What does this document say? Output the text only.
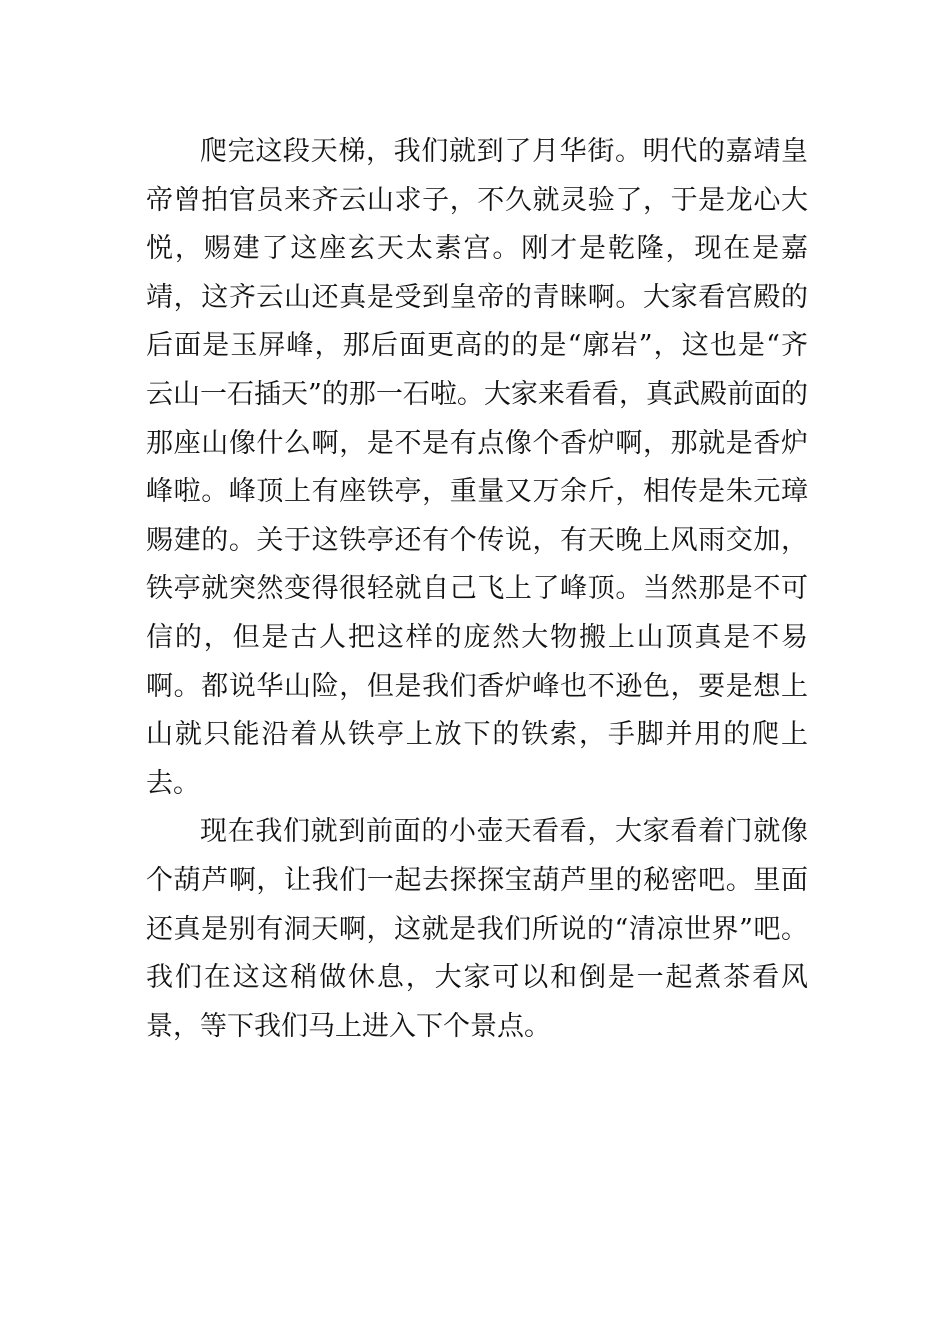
爬完这段天梯，我们就到了月华街。明代的嘉靖皇帝曾拍官员来齐云山求子，不久就灵验了，于是龙心大悦，赐建了这座玄天太素宫。刚才是乾隆，现在是嘉靖，这齐云山还真是受到皇帝的青睐啊。大家看宫殿的后面是玉屏峰，那后面更高的的是“廓岩”，这也是“齐云山一石插天”的那一石啦。大家来看看，真武殿前面的那座山像什么啊，是不是有点像个香炉啊，那就是香炉峰啦。峰顶上有座铁亭，重量又万余斤，相传是朱元璋赐建的。关于这铁亭还有个传说，有天晚上风雨交加，铁亭就突然变得很轻就自己飞上了峰顶。当然那是不可信的，但是古人把这样的庞然大物搬上山顶真是不易啊。都说华山险，但是我们香炉峰也不逊色，要是想上山就只能沿着从铁亭上放下的铁索，手脚并用的爬上去。

现在我们就到前面的小壶天看看，大家看着门就像个葫芦啊，让我们一起去探探宝葫芦里的秘密吧。里面还真是别有洞天啊，这就是我们所说的“清凉世界”吧。我们在这这稍做休息，大家可以和倒是一起煮茶看风景，等下我们马上进入下个景点。
